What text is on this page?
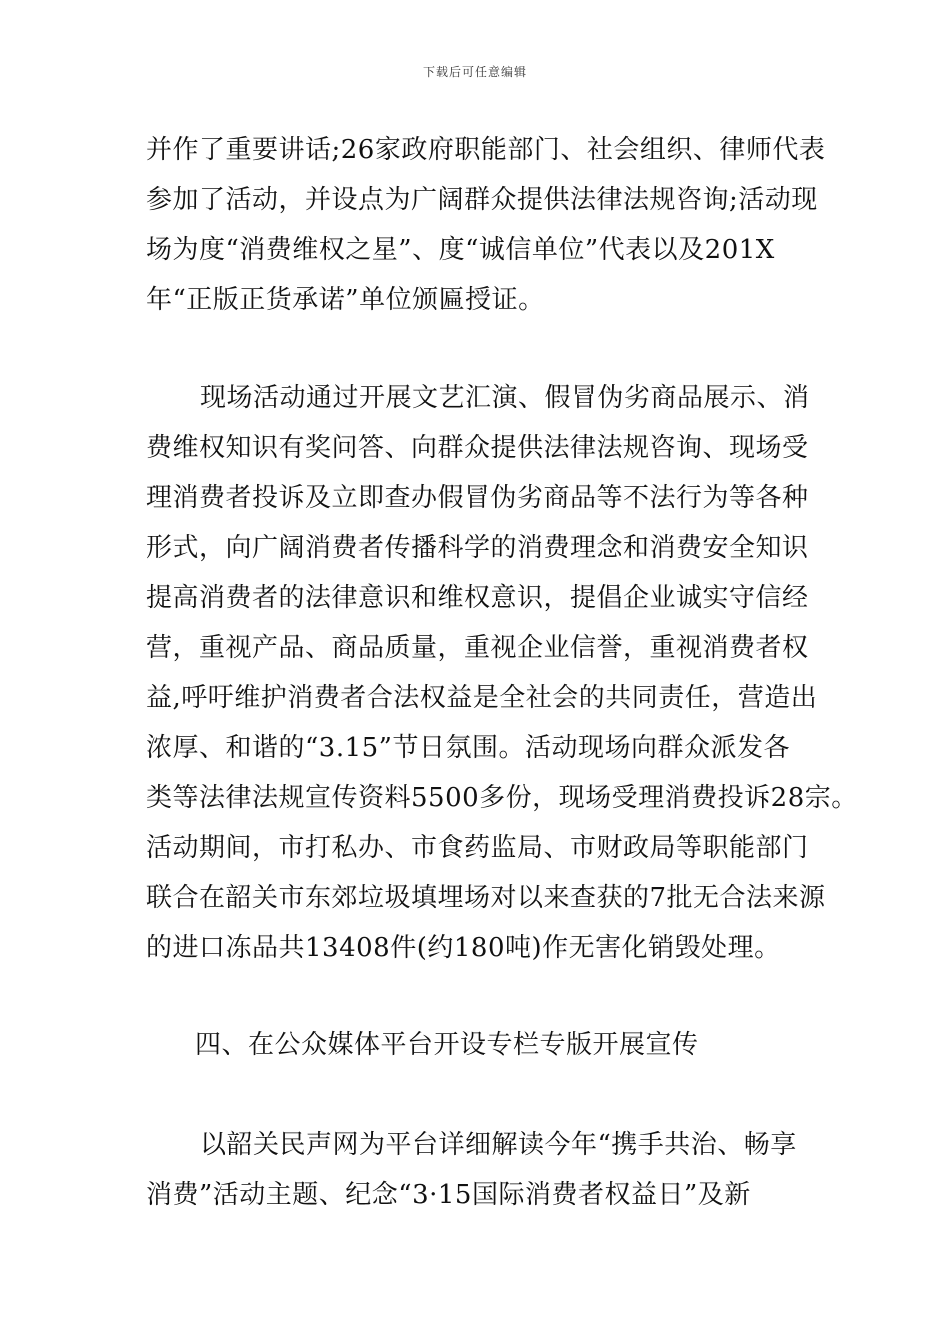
下载后可任意编辑
并作了重要讲话;26家政府职能部门、社会组织、律师代表
参加了活动，并设点为广阔群众提供法律法规咨询;活动现
场为度“消费维权之星”、度“诚信单位”代表以及201X
年“正版正货承诺”单位颁匾授证。
现场活动通过开展文艺汇演、假冒伪劣商品展示、消
费维权知识有奖问答、向群众提供法律法规咨询、现场受
理消费者投诉及立即查办假冒伪劣商品等不法行为等各种
形式，向广阔消费者传播科学的消费理念和消费安全知识
提高消费者的法律意识和维权意识，提倡企业诚实守信经
营，重视产品、商品质量，重视企业信誉，重视消费者权
益,呼吁维护消费者合法权益是全社会的共同责任，营造出
浓厚、和谐的“3.15”节日氛围。活动现场向群众派发各
类等法律法规宣传资料5500多份，现场受理消费投诉28宗。
活动期间，市打私办、市食药监局、市财政局等职能部门
联合在韶关市东郊垃圾填埋场对以来查获的7批无合法来源
的进口冻品共13408件(约180吨)作无害化销毁处理。
四、在公众媒体平台开设专栏专版开展宣传
以韶关民声网为平台详细解读今年“携手共治、畅享
消费”活动主题、纪念“3·15国际消费者权益日”及新
